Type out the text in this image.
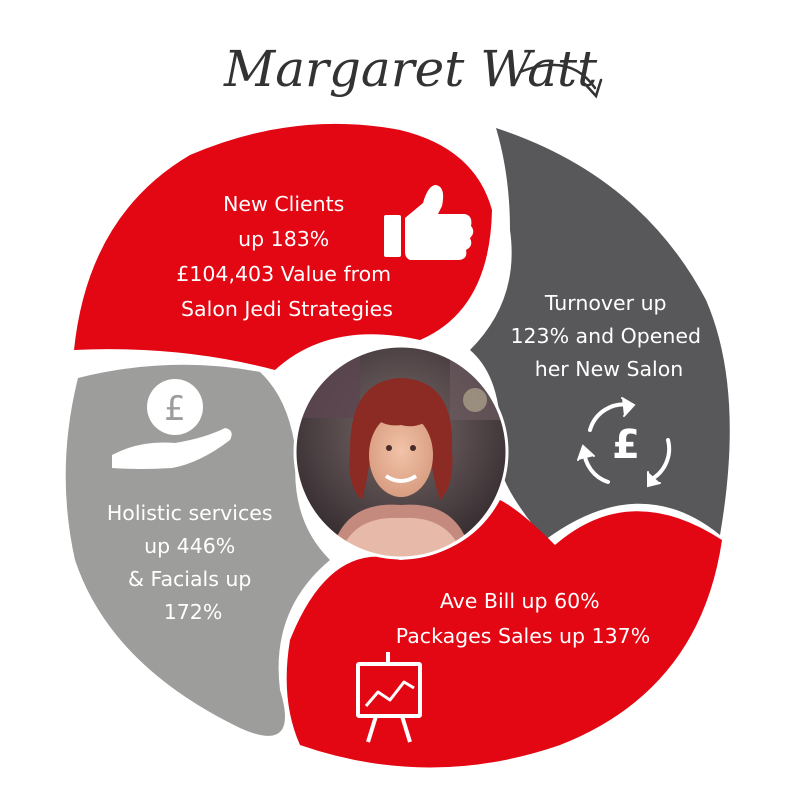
Margaret Watt
New Clients up 183% £104,403 Value from Salon Jedi Strategies	Turnover up 123% and Opened her New Salon
Ave Bill up 60% Packages Sales up 137%
Holistic services up 446% & Facials up 172%
£
£
